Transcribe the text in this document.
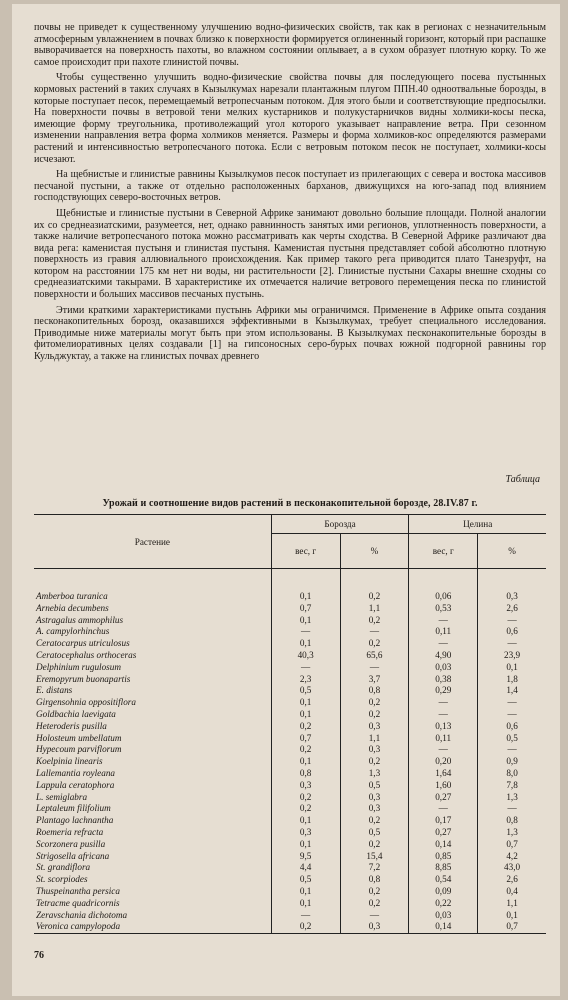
почвы не приведет к существенному улучшению водно-физических свойств, так как в регионах с незначительным атмосферным увлажнением в почвах близко к поверхности формируется оглиненный горизонт, который при распашке выворачивается на поверхность пахоты, во влажном состоянии оплывает, а в сухом образует плотную корку. То же самое происходит при пахоте глинистой почвы.

Чтобы существенно улучшить водно-физические свойства почвы для последующего посева пустынных кормовых растений в таких случаях в Кызылкумах нарезали плантажным плугом ППН.40 одноотвальные борозды, в которые поступает песок, перемещаемый ветропесчаным потоком. Для этого были и соответствующие предпосылки. На поверхности почвы в ветровой тени мелких кустарников и полукустарничков видны холмики-косы песка, имеющие форму треугольника, противолежащий угол которого указывает направление ветра. При сезонном изменении направления ветра форма холмиков меняется. Размеры и форма холмиков-кос определяются размерами растений и интенсивностью ветропесчаного потока. Если с ветровым потоком песок не поступает, холмики-косы исчезают.

На щебнистые и глинистые равнины Кызылкумов песок поступает из прилегающих с севера и востока массивов песчаной пустыни, а также от отдельно расположенных барханов, движущихся на юго-запад под влиянием господствующих северо-восточных ветров.

Щебнистые и глинистые пустыни в Северной Африке занимают довольно большие площади. Полной аналогии их со среднеазиатскими, разумеется, нет, однако равнинность занятых ими регионов, уплотненность поверхности, а также наличие ветропесчаного потока можно рассматривать как черты сходства. В Северной Африке различают два вида рега: каменистая пустыня и глинистая пустыня. Каменистая пустыня представляет собой абсолютно плотную поверхность из гравия аллювиального происхождения. Как пример такого рега приводится плато Танезруфт, на котором на расстоянии 175 км нет ни воды, ни растительности [2]. Глинистые пустыни Сахары внешне сходны со среднеазиатскими такырами. В характеристике их отмечается наличие ветрового перемещения песка по глинистой поверхности и больших массивов песчаных пустынь.

Этими краткими характеристиками пустынь Африки мы ограничимся. Применение в Африке опыта создания песконакопительных борозд, оказавшихся эффективными в Кызылкумах, требует специального исследования. Приводимые ниже материалы могут быть при этом использованы. В Кызылкумах песконакопительные борозды в фитомелиоративных целях создавали [1] на гипсоносных серо-бурых почвах южной подгорной равнины гор Кульджуктау, а также на глинистых почвах древнего

Таблица
Урожай и соотношение видов растений в песконакопительной борозде, 28.IV.87 г.
Растение	Борозда		Целина	
	вес, г	%	вес, г	%

Amberboa turanica	0,1	0,2	0,06	0,3
Arnebia decumbens	0,7	1,1	0,53	2,6
Astragalus ammophilus	0,1	0,2	—	—
A. campylorhinchus	—	—	0,11	0,6
Ceratocarpus utriculosus	0,1	0,2	—	—
Ceratocephalus orthoceras	40,3	65,6	4,90	23,9
Delphinium rugulosum	—	—	0,03	0,1
Eremopyrum buonapartis	2,3	3,7	0,38	1,8
E. distans	0,5	0,8	0,29	1,4
Girgensohnia oppositiflora	0,1	0,2	—	—
Goldbachia laevigata	0,1	0,2	—	—
Heteroderis pusilla	0,2	0,3	0,13	0,6
Holosteum umbellatum	0,7	1,1	0,11	0,5
Hypecoum parviflorum	0,2	0,3	—	—
Koelpinia linearis	0,1	0,2	0,20	0,9
Lallemantia royleana	0,8	1,3	1,64	8,0
Lappula ceratophora	0,3	0,5	1,60	7,8
L. semiglabra	0,2	0,3	0,27	1,3
Leptaleum filifolium	0,2	0,3	—	—
Plantago lachnantha	0,1	0,2	0,17	0,8
Roemeria refracta	0,3	0,5	0,27	1,3
Scorzonera pusilla	0,1	0,2	0,14	0,7
Strigosella africana	9,5	15,4	0,85	4,2
St. grandiflora	4,4	7,2	8,85	43,0
St. scorpiodes	0,5	0,8	0,54	2,6
Thuspeinantha persica	0,1	0,2	0,09	0,4
Tetracme quadricornis	0,1	0,2	0,22	1,1
Zeravschania dichotomа	—	—	0,03	0,1
Veronica campylopoda	0,2	0,3	0,14	0,7
76
